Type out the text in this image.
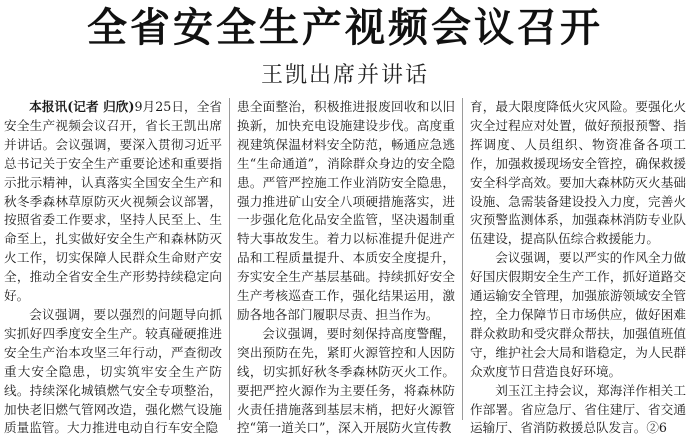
全省安全生产视频会议召开
王凯出席并讲话

本报讯(记者 归欣)9月25日，全省安全生产视频会议召开，省长王凯出席并讲话。会议强调，要深入贯彻习近平总书记关于安全生产重要论述和重要指示批示精神，认真落实全国安全生产和秋冬季森林草原防灭火视频会议部署，按照省委工作要求，坚持人民至上、生命至上，扎实做好安全生产和森林防灭火工作，切实保障人民群众生命财产安全，推动全省安全生产形势持续稳定向好。

会议强调，要以强烈的问题导向抓实抓好四季度安全生产。较真碰硬推进安全生产治本攻坚三年行动，严查彻改重大安全隐患，切实筑牢安全生产防线。持续深化城镇燃气安全专项整治，加快老旧燃气管网改造，强化燃气设施质量监管。大力推进电动自行车安全隐

患全面整治，积极推进报废回收和以旧换新，加快充电设施建设步伐。高度重视建筑保温材料安全防范，畅通应急逃生“生命通道”，消除群众身边的安全隐患。严管严控施工作业消防安全隐患，强力推进矿山安全八项硬措施落实，进一步强化危化品安全监管，坚决遏制重特大事故发生。着力以标准提升促进产品和工程质量提升、本质安全度提升，夯实安全生产基层基础。持续抓好安全生产考核巡查工作，强化结果运用，激励各地各部门履职尽责、担当作为。

会议强调，要时刻保持高度警醒，突出预防在先，紧盯火源管控和人因防线，切实抓好秋冬季森林防灭火工作。要把严控火源作为主要任务，将森林防火责任措施落到基层末梢，把好火源管控“第一道关口”，深入开展防火宣传教

育，最大限度降低火灾风险。要强化火灾全过程应对处置，做好预报预警、指挥调度、人员组织、物资准备各项工作，加强救援现场安全管控，确保救援安全科学高效。要加大森林防灭火基础设施、急需装备建设投入力度，完善火灾预警监测体系，加强森林消防专业队伍建设，提高队伍综合救援能力。

会议强调，要以严实的作风全力做好国庆假期安全生产工作，抓好道路交通运输安全管理，加强旅游领域安全管控，全力保障节日市场供应，做好困难群众救助和受灾群众帮扶，加强值班值守，维护社会大局和谐稳定，为人民群众欢度节日营造良好环境。

刘玉江主持会议，郑海洋作相关工作部署。省应急厅、省住建厅、省交通运输厅、省消防救援总队发言。②6
